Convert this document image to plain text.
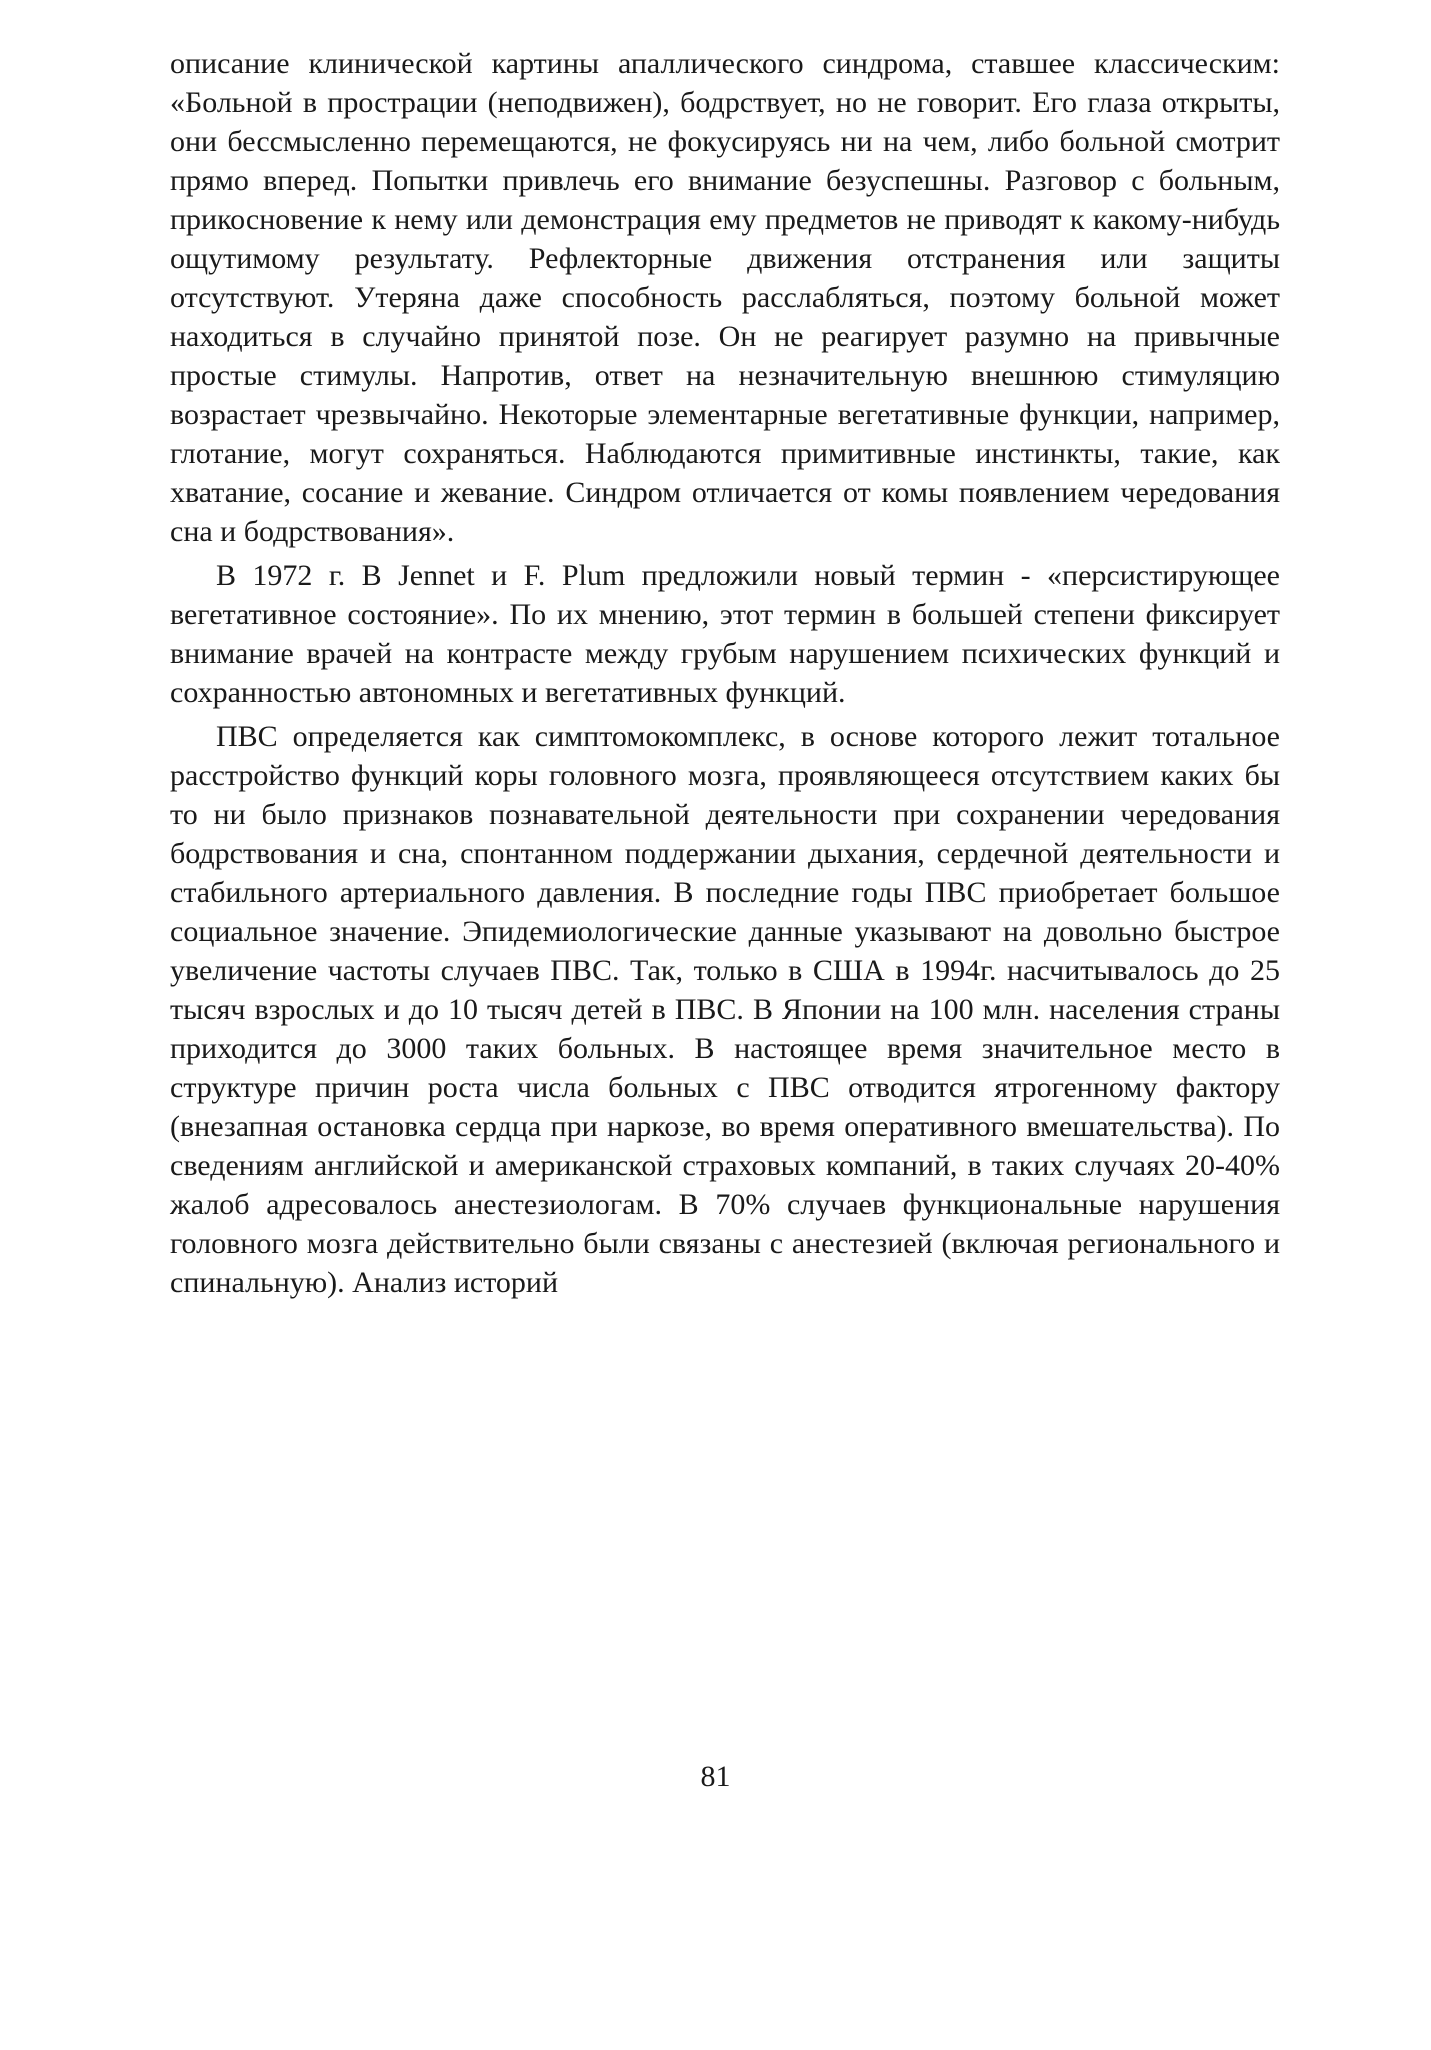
описание клинической картины апаллического синдрома, ставшее классическим: «Больной в прострации (неподвижен), бодрствует, но не говорит. Его глаза открыты, они бессмысленно перемещаются, не фокусируясь ни на чем, либо больной смотрит прямо вперед. Попытки привлечь его внимание безуспешны. Разговор с больным, прикосновение к нему или демонстрация ему предметов не приводят к какому-нибудь ощутимому результату. Рефлекторные движения отстранения или защиты отсутствуют. Утеряна даже способность расслабляться, поэтому больной может находиться в случайно принятой позе. Он не реагирует разумно на привычные простые стимулы. Напротив, ответ на незначительную внешнюю стимуляцию возрастает чрезвычайно. Некоторые элементарные вегетативные функции, например, глотание, могут сохраняться. Наблюдаются примитивные инстинкты, такие, как хватание, сосание и жевание. Синдром отличается от комы появлением чередования сна и бодрствования».

В 1972 г. B Jennet и F. Plum предложили новый термин - «персистирующее вегетативное состояние». По их мнению, этот термин в большей степени фиксирует внимание врачей на контрасте между грубым нарушением психических функций и сохранностью автономных и вегетативных функций.

ПВС определяется как симптомокомплекс, в основе которого лежит тотальное расстройство функций коры головного мозга, проявляющееся отсутствием каких бы то ни было признаков познавательной деятельности при сохранении чередования бодрствования и сна, спонтанном поддержании дыхания, сердечной деятельности и стабильного артериального давления. В последние годы ПВС приобретает большое социальное значение. Эпидемиологические данные указывают на довольно быстрое увеличение частоты случаев ПВС. Так, только в США в 1994г. насчитывалось до 25 тысяч взрослых и до 10 тысяч детей в ПВС. В Японии на 100 млн. населения страны приходится до 3000 таких больных. В настоящее время значительное место в структуре причин роста числа больных с ПВС отводится ятрогенному фактору (внезапная остановка сердца при наркозе, во время оперативного вмешательства). По сведениям английской и американской страховых компаний, в таких случаях 20-40% жалоб адресовалось анестезиологам. В 70% случаев функциональные нарушения головного мозга действительно были связаны с анестезией (включая регионального и спинальную). Анализ историй

81
